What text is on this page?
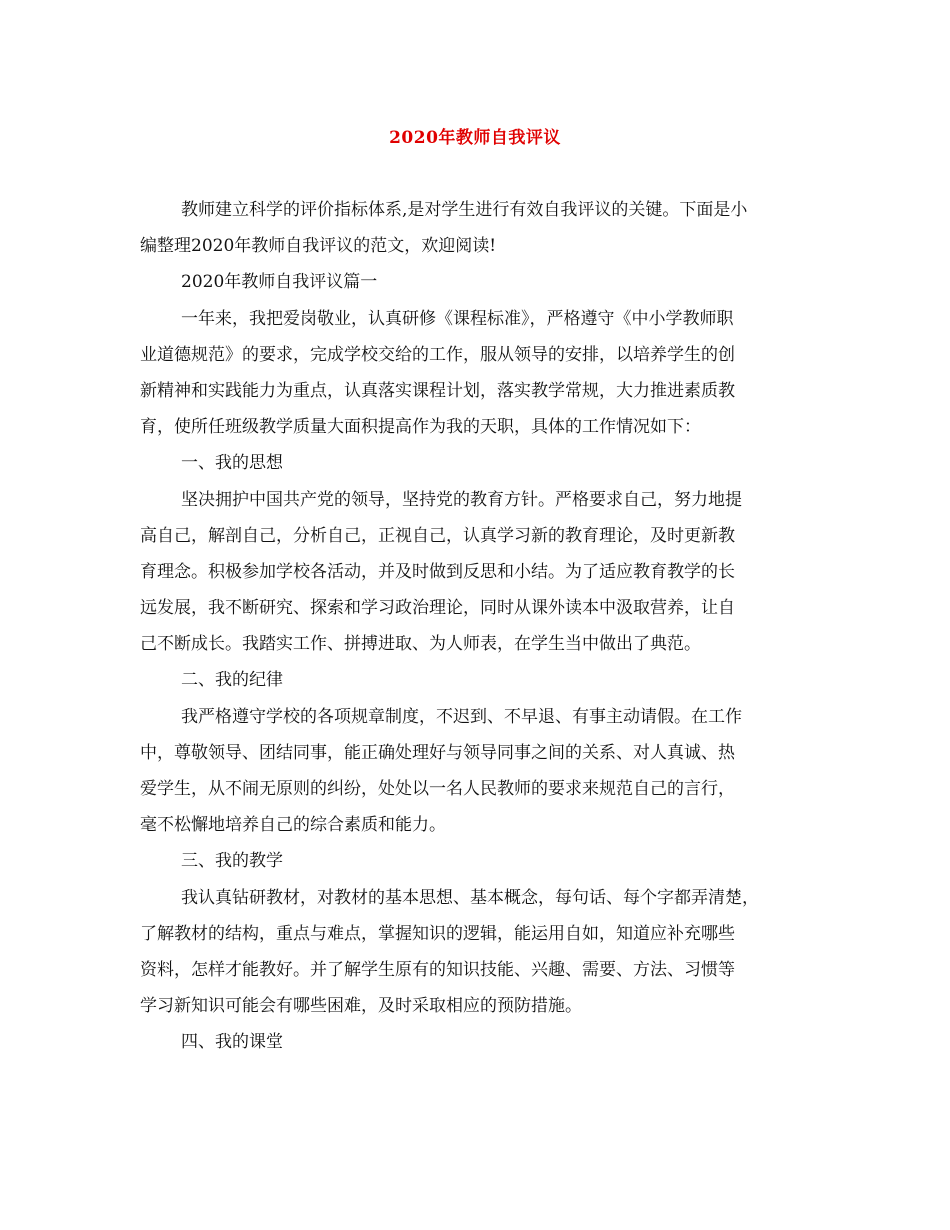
2020年教师自我评议
教师建立科学的评价指标体系,是对学生进行有效自我评议的关键。下面是小
编整理2020年教师自我评议的范文，欢迎阅读!
2020年教师自我评议篇一
一年来，我把爱岗敬业，认真研修《课程标准》，严格遵守《中小学教师职
业道德规范》的要求，完成学校交给的工作，服从领导的安排，以培养学生的创
新精神和实践能力为重点，认真落实课程计划，落实教学常规，大力推进素质教
育，使所任班级教学质量大面积提高作为我的天职，具体的工作情况如下：
一、我的思想
坚决拥护中国共产党的领导，坚持党的教育方针。严格要求自己，努力地提
高自己，解剖自己，分析自己，正视自己，认真学习新的教育理论，及时更新教
育理念。积极参加学校各活动，并及时做到反思和小结。为了适应教育教学的长
远发展，我不断研究、探索和学习政治理论，同时从课外读本中汲取营养，让自
己不断成长。我踏实工作、拼搏进取、为人师表，在学生当中做出了典范。
二、我的纪律
我严格遵守学校的各项规章制度，不迟到、不早退、有事主动请假。在工作
中，尊敬领导、团结同事，能正确处理好与领导同事之间的关系、对人真诚、热
爱学生，从不闹无原则的纠纷，处处以一名人民教师的要求来规范自己的言行，
毫不松懈地培养自己的综合素质和能力。
三、我的教学
我认真钻研教材，对教材的基本思想、基本概念，每句话、每个字都弄清楚，
了解教材的结构，重点与难点，掌握知识的逻辑，能运用自如，知道应补充哪些
资料，怎样才能教好。并了解学生原有的知识技能、兴趣、需要、方法、习惯等
学习新知识可能会有哪些困难，及时采取相应的预防措施。
四、我的课堂
